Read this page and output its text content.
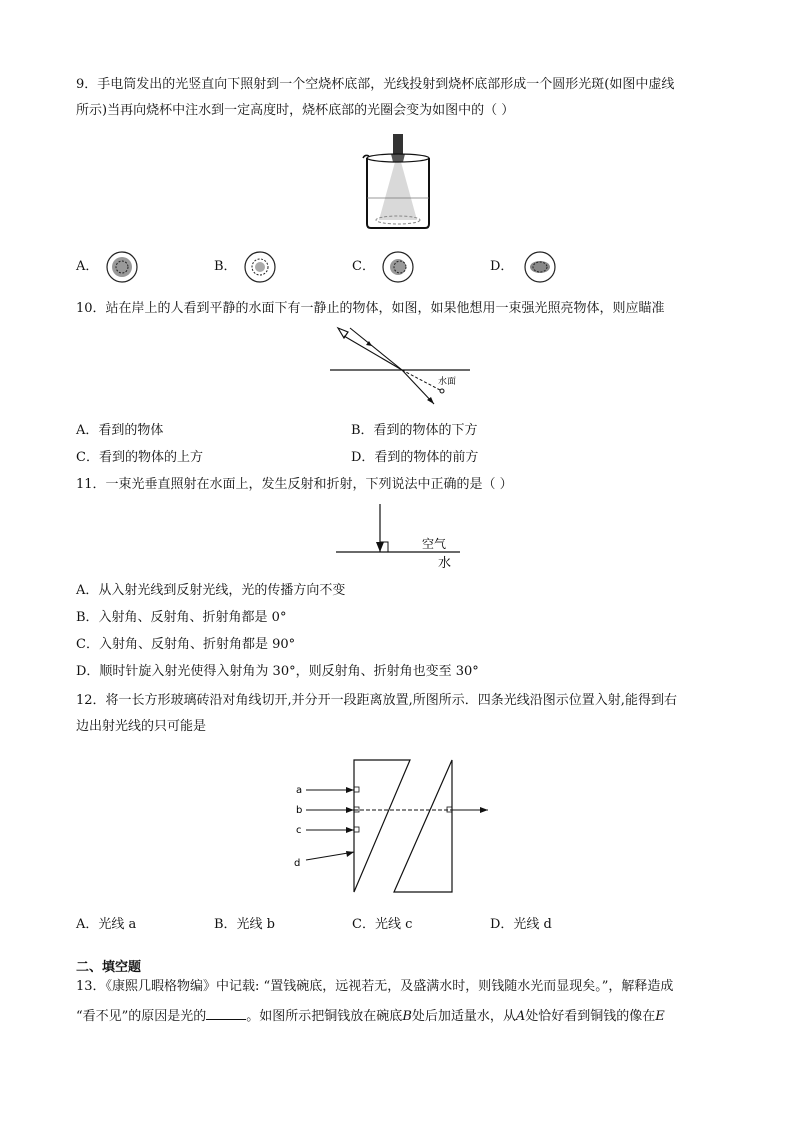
9．手电筒发出的光竖直向下照射到一个空烧杯底部，光线投射到烧杯底部形成一个圆形光斑(如图中虚线
所示)当再向烧杯中注水到一定高度时，烧杯底部的光圈会变为如图中的（ ）
A．	B．	C．	D．
10．站在岸上的人看到平静的水面下有一静止的物体，如图，如果他想用一束强光照亮物体，则应瞄准
水面
A．看到的物体	B．看到的物体的下方
C．看到的物体的上方	D．看到的物体的前方
11．一束光垂直照射在水面上，发生反射和折射，下列说法中正确的是（ ）
空气
水
A．从入射光线到反射光线，光的传播方向不变
B．入射角、反射角、折射角都是 0°
C．入射角、反射角、折射角都是 90°
D．顺时针旋入射光使得入射角为 30°，则反射角、折射角也变至 30°
12．将一长方形玻璃砖沿对角线切开,并分开一段距离放置,所图所示．四条光线沿图示位置入射,能得到右
边出射光线的只可能是
a
b
c
d
A．光线 a	B．光线 b	C．光线 c	D．光线 d
二、填空题
13．《康熙几暇格物编》中记载: “置钱碗底，远视若无，及盛满水时，则钱随水光而显现矣。”，解释造成
“看不见”的原因是光的	。如图所示把铜钱放在碗底B处后加适量水，从A处恰好看到铜钱的像在E
